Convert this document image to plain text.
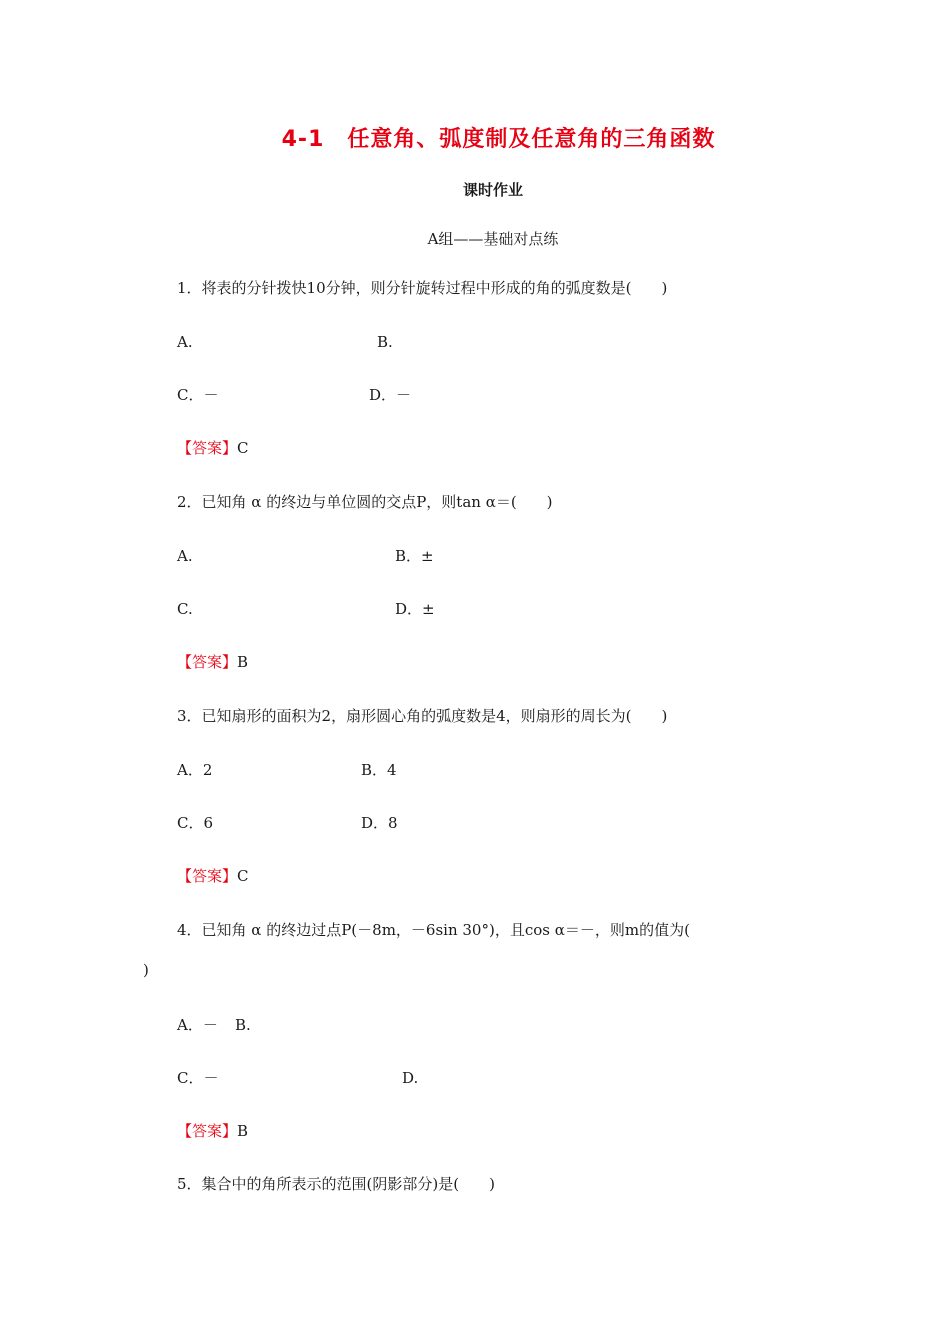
4-1　任意角、弧度制及任意角的三角函数
课时作业
A组——基础对点练
1．将表的分针拨快10分钟，则分针旋转过程中形成的角的弧度数是(　　)
A.	B.
C．－	D．－
【答案】C
2．已知角 α 的终边与单位圆的交点P，则tan α＝(　　)
A.	B．±
C.	D．±
【答案】B
3．已知扇形的面积为2，扇形圆心角的弧度数是4，则扇形的周长为(　　)
A．2	B．4
C．6	D．8
【答案】C
4．已知角 α 的终边过点P(－8m，－6sin 30°)，且cos α＝－，则m的值为(
)
A．－ B.
C．－	D.
【答案】B
5．集合中的角所表示的范围(阴影部分)是(　　)
